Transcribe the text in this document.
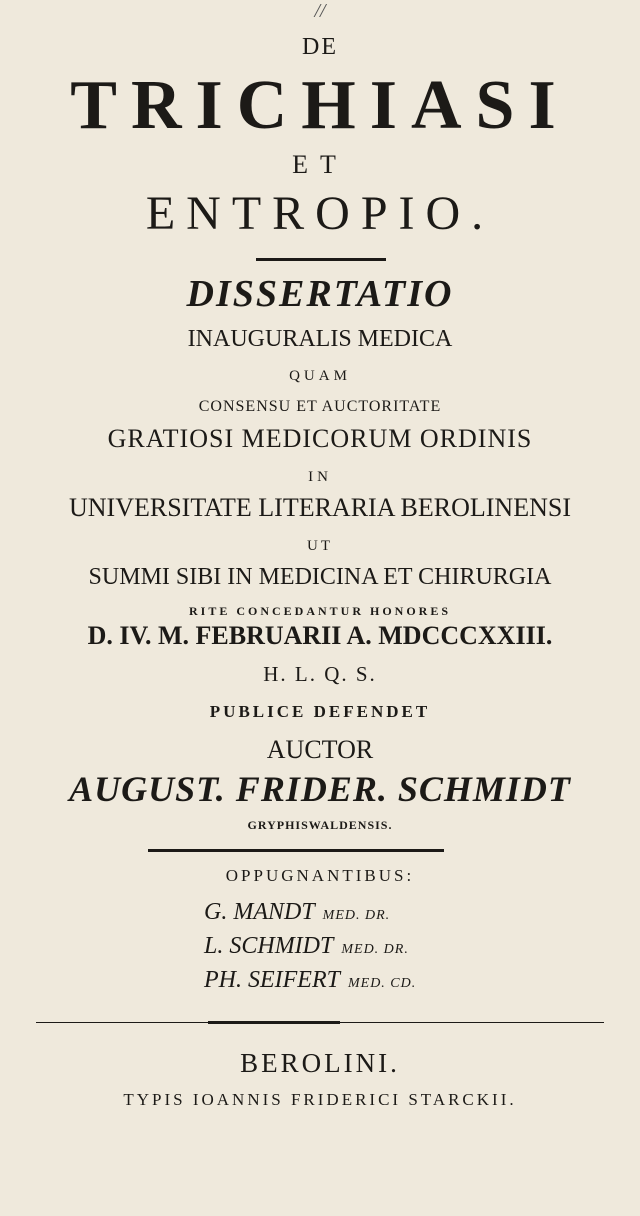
//
DE
TRICHIASI
ET
ENTROPIO.
DISSERTATIO
INAUGURALIS MEDICA
QUAM
CONSENSU ET AUCTORITATE
GRATIOSI MEDICORUM ORDINIS
IN
UNIVERSITATE LITERARIA BEROLINENSI
UT
SUMMI SIBI IN MEDICINA ET CHIRURGIA
RITE CONCEDANTUR HONORES
D. IV. M. FEBRUARII A. MDCCCXXIII.
H. L. Q. S.
PUBLICE DEFENDET
AUCTOR
AUGUST. FRIDER. SCHMIDT
GRYPHISWALDENSIS.
OPPUGNANTIBUS:
G. MANDT MED. DR.
L. SCHMIDT MED. DR.
PH. SEIFERT MED. CD.
BEROLINI.
TYPIS IOANNIS FRIDERICI STARCKII.
